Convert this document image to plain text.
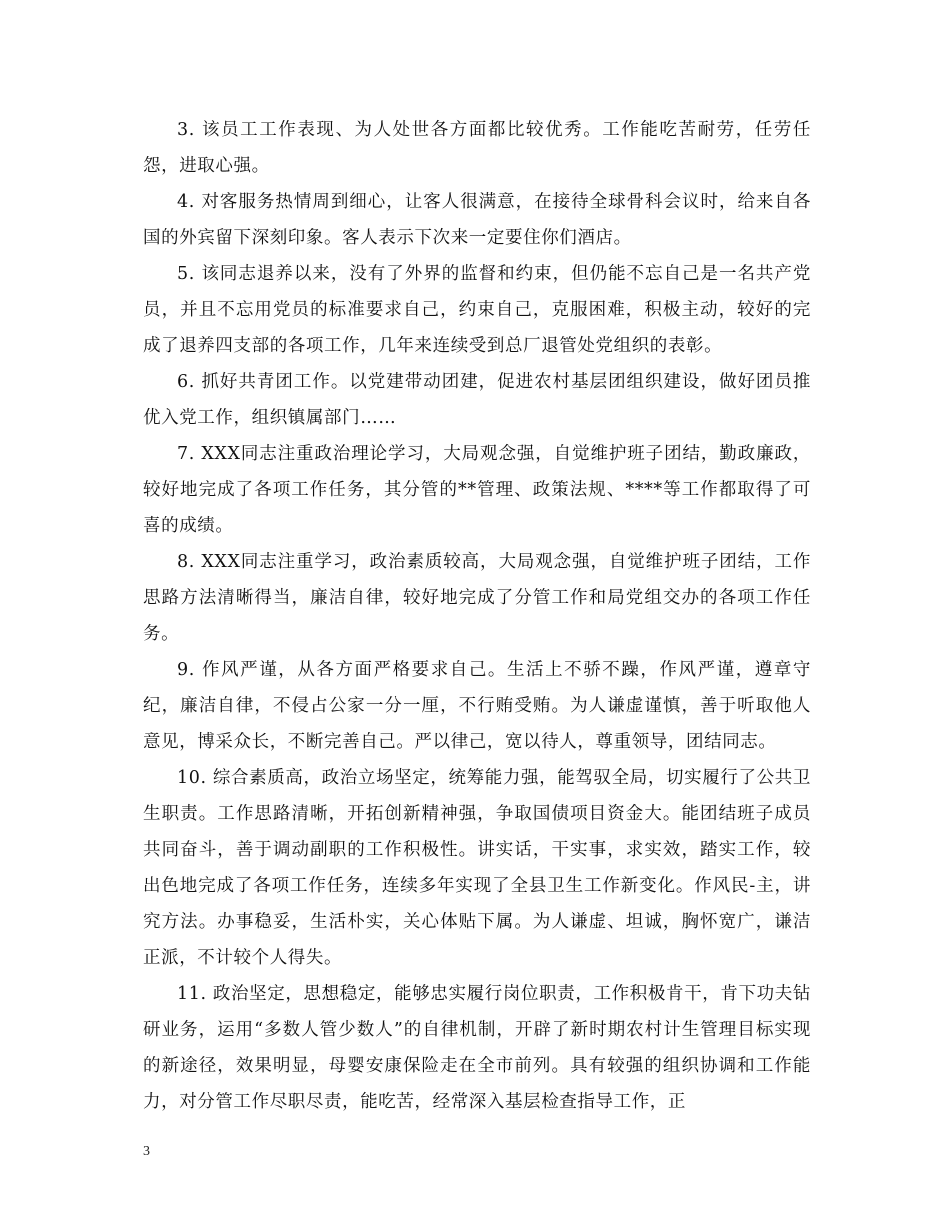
3. 该员工工作表现、为人处世各方面都比较优秀。工作能吃苦耐劳，任劳任怨，进取心强。

4. 对客服务热情周到细心，让客人很满意，在接待全球骨科会议时，给来自各国的外宾留下深刻印象。客人表示下次来一定要住你们酒店。

5. 该同志退养以来，没有了外界的监督和约束，但仍能不忘自己是一名共产党员，并且不忘用党员的标准要求自己，约束自己，克服困难，积极主动，较好的完成了退养四支部的各项工作，几年来连续受到总厂退管处党组织的表彰。

6. 抓好共青团工作。以党建带动团建，促进农村基层团组织建设，做好团员推优入党工作，组织镇属部门……

7. XXX同志注重政治理论学习，大局观念强，自觉维护班子团结，勤政廉政，较好地完成了各项工作任务，其分管的**管理、政策法规、****等工作都取得了可喜的成绩。

8. XXX同志注重学习，政治素质较高，大局观念强，自觉维护班子团结，工作思路方法清晰得当，廉洁自律，较好地完成了分管工作和局党组交办的各项工作任务。

9. 作风严谨，从各方面严格要求自己。生活上不骄不躁，作风严谨，遵章守纪，廉洁自律，不侵占公家一分一厘，不行贿受贿。为人谦虚谨慎，善于听取他人意见，博采众长，不断完善自己。严以律己，宽以待人，尊重领导，团结同志。

10. 综合素质高，政治立场坚定，统筹能力强，能驾驭全局，切实履行了公共卫生职责。工作思路清晰，开拓创新精神强，争取国债项目资金大。能团结班子成员共同奋斗，善于调动副职的工作积极性。讲实话，干实事，求实效，踏实工作，较出色地完成了各项工作任务，连续多年实现了全县卫生工作新变化。作风民-主，讲究方法。办事稳妥，生活朴实，关心体贴下属。为人谦虚、坦诚，胸怀宽广，谦洁正派，不计较个人得失。

11. 政治坚定，思想稳定，能够忠实履行岗位职责，工作积极肯干，肯下功夫钻研业务，运用“多数人管少数人”的自律机制，开辟了新时期农村计生管理目标实现的新途径，效果明显，母婴安康保险走在全市前列。具有较强的组织协调和工作能力，对分管工作尽职尽责，能吃苦，经常深入基层检查指导工作，正

3
